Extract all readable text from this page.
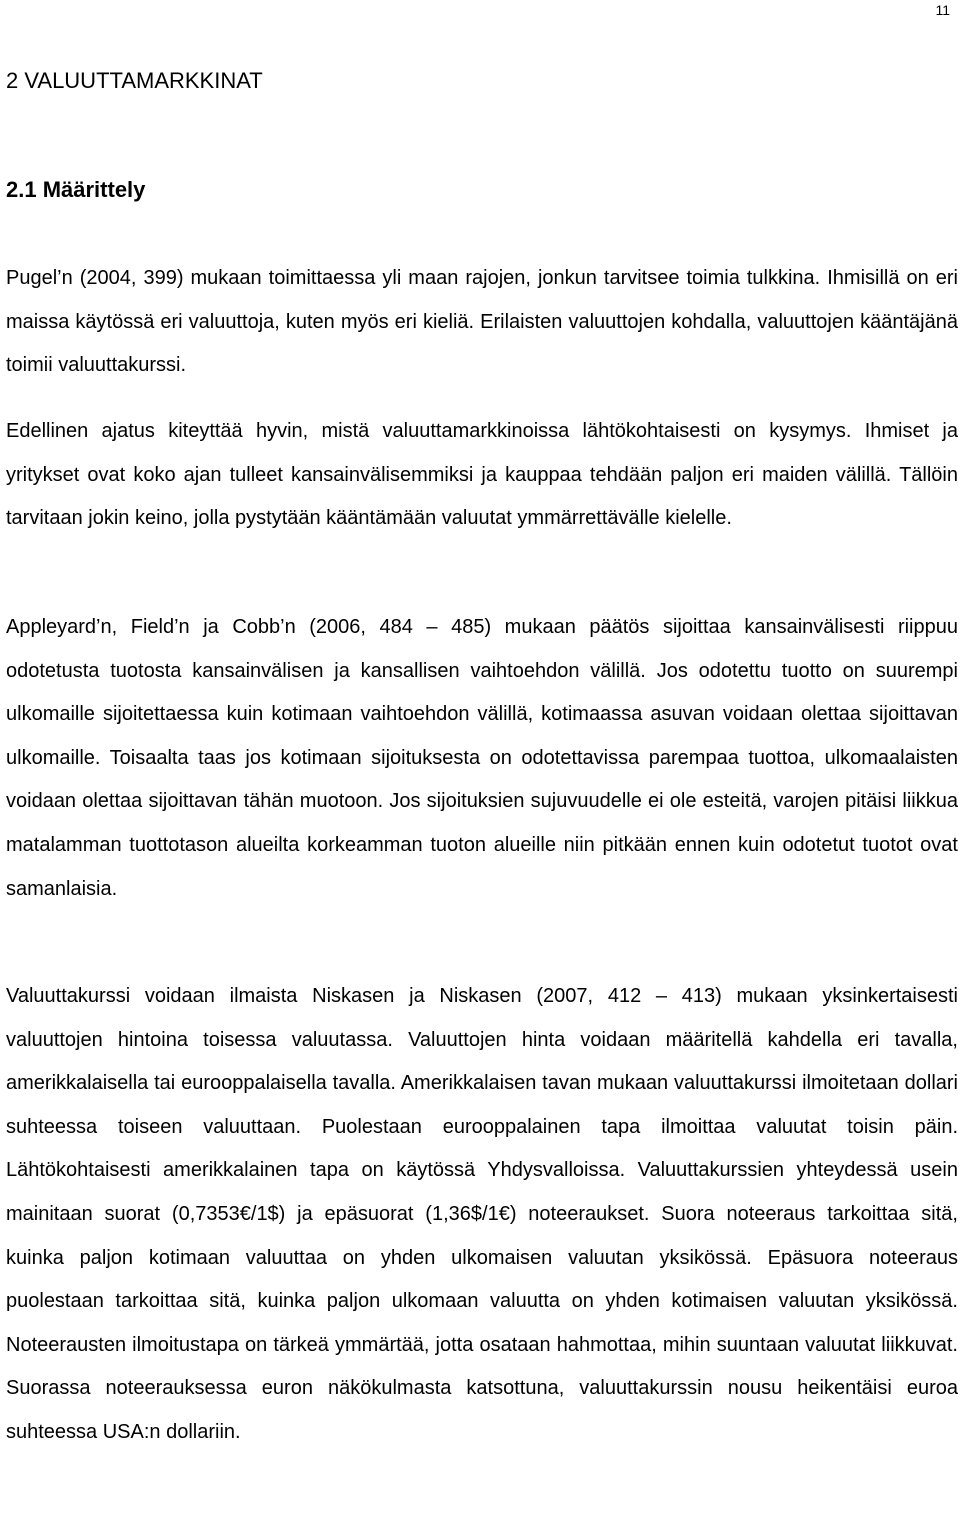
11
2 VALUUTTAMARKKINAT
2.1 Määrittely

Pugel’n (2004, 399) mukaan toimittaessa yli maan rajojen, jonkun tarvitsee toimia tulkkina. Ihmisillä on eri maissa käytössä eri valuuttoja, kuten myös eri kieliä. Erilaisten valuuttojen kohdalla, valuuttojen kääntäjänä toimii valuuttakurssi.

Edellinen ajatus kiteyttää hyvin, mistä valuuttamarkkinoissa lähtökohtaisesti on kysymys. Ihmiset ja yritykset ovat koko ajan tulleet kansainvälisemmiksi ja kauppaa tehdään paljon eri maiden välillä. Tällöin tarvitaan jokin keino, jolla pystytään kääntämään valuutat ymmärrettävälle kielelle.

Appleyard’n, Field’n ja Cobb’n (2006, 484 – 485) mukaan päätös sijoittaa kansainvälisesti riippuu odotetusta tuotosta kansainvälisen ja kansallisen vaihtoehdon välillä. Jos odotettu tuotto on suurempi ulkomaille sijoitettaessa kuin kotimaan vaihtoehdon välillä, kotimaassa asuvan voidaan olettaa sijoittavan ulkomaille. Toisaalta taas jos kotimaan sijoituksesta on odotettavissa parempaa tuottoa, ulkomaalaisten voidaan olettaa sijoittavan tähän muotoon. Jos sijoituksien sujuvuudelle ei ole esteitä, varojen pitäisi liikkua matalamman tuottotason alueilta korkeamman tuoton alueille niin pitkään ennen kuin odotetut tuotot ovat samanlaisia.

Valuuttakurssi voidaan ilmaista Niskasen ja Niskasen (2007, 412 – 413) mukaan yksinkertaisesti valuuttojen hintoina toisessa valuutassa. Valuuttojen hinta voidaan määritellä kahdella eri tavalla, amerikkalaisella tai eurooppalaisella tavalla. Amerikkalaisen tavan mukaan valuuttakurssi ilmoitetaan dollari suhteessa toiseen valuuttaan. Puolestaan eurooppalainen tapa ilmoittaa valuutat toisin päin. Lähtökohtaisesti amerikkalainen tapa on käytössä Yhdysvalloissa. Valuuttakurssien yhteydessä usein mainitaan suorat (0,7353€/1$) ja epäsuorat (1,36$/1€) noteeraukset. Suora noteeraus tarkoittaa sitä, kuinka paljon kotimaan valuuttaa on yhden ulkomaisen valuutan yksikössä. Epäsuora noteeraus puolestaan tarkoittaa sitä, kuinka paljon ulkomaan valuutta on yhden kotimaisen valuutan yksikössä. Noteerausten ilmoitustapa on tärkeä ymmärtää, jotta osataan hahmottaa, mihin suuntaan valuutat liikkuvat. Suorassa noteerauksessa euron näkökulmasta katsottuna, valuuttakurssin nousu heikentäisi euroa suhteessa USA:n dollariin.
